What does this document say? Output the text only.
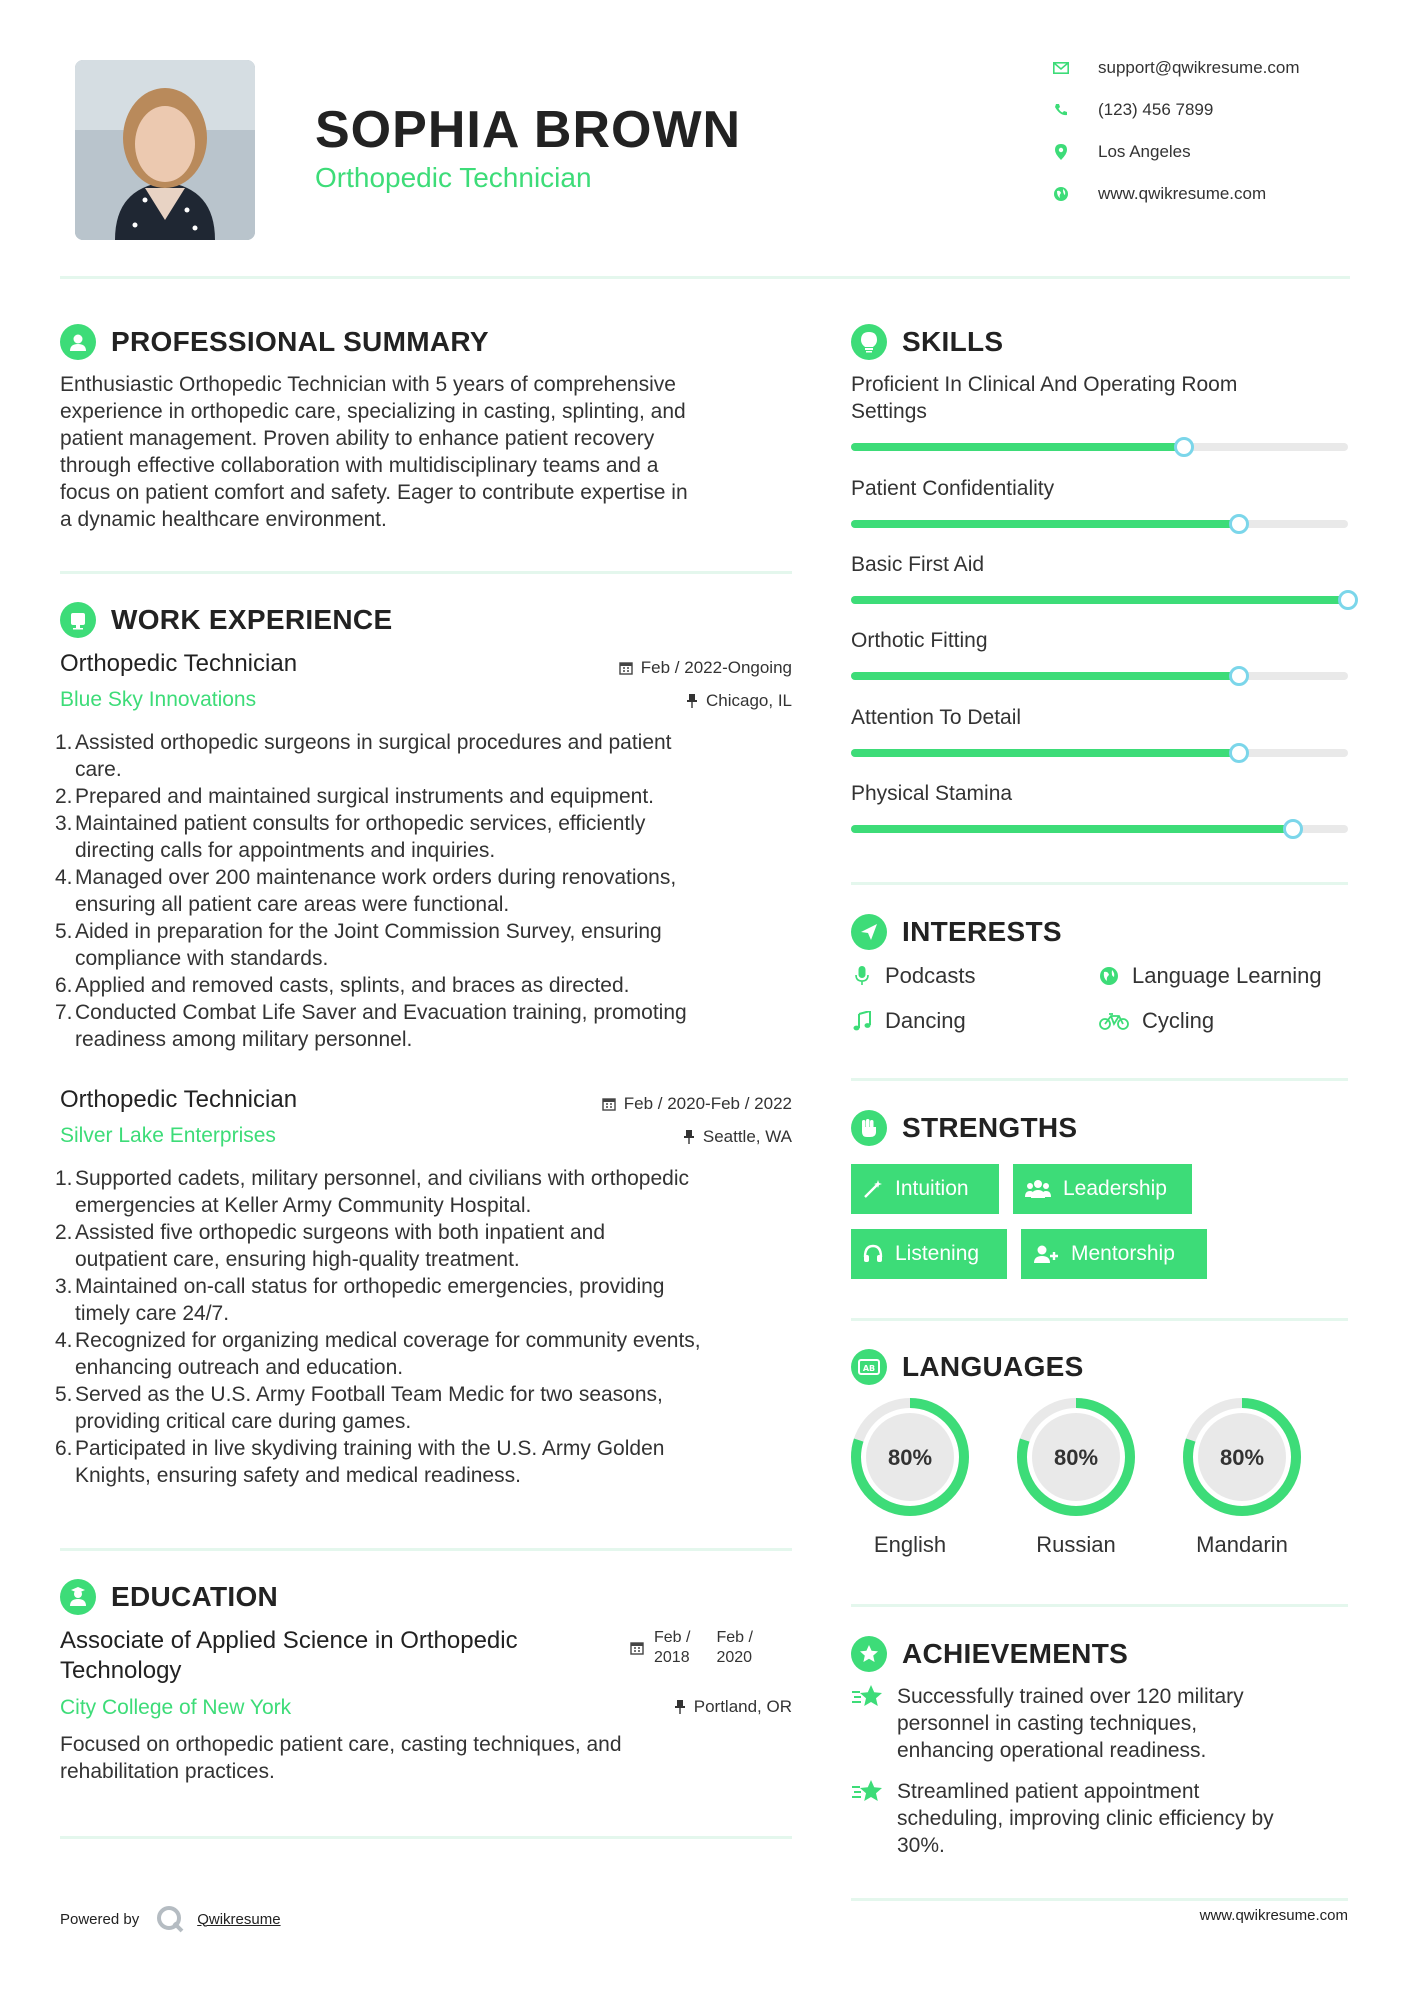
SOPHIA BROWN
Orthopedic Technician
support@qwikresume.com
(123) 456 7899
Los Angeles
www.qwikresume.com
PROFESSIONAL SUMMARY
Enthusiastic Orthopedic Technician with 5 years of comprehensive
experience in orthopedic care, specializing in casting, splinting, and
patient management. Proven ability to enhance patient recovery
through effective collaboration with multidisciplinary teams and a
focus on patient comfort and safety. Eager to contribute expertise in
a dynamic healthcare environment.
WORK EXPERIENCE
Orthopedic Technician
Blue Sky Innovations
Feb / 2022-Ongoing
Chicago, IL
1. Assisted orthopedic surgeons in surgical procedures and patient
care.
2. Prepared and maintained surgical instruments and equipment.
3. Maintained patient consults for orthopedic services, efficiently
directing calls for appointments and inquiries.
4. Managed over 200 maintenance work orders during renovations,
ensuring all patient care areas were functional.
5. Aided in preparation for the Joint Commission Survey, ensuring
compliance with standards.
6. Applied and removed casts, splints, and braces as directed.
7. Conducted Combat Life Saver and Evacuation training, promoting
readiness among military personnel.
Orthopedic Technician
Silver Lake Enterprises
Feb / 2020-Feb / 2022
Seattle, WA
1. Supported cadets, military personnel, and civilians with orthopedic
emergencies at Keller Army Community Hospital.
2. Assisted five orthopedic surgeons with both inpatient and
outpatient care, ensuring high-quality treatment.
3. Maintained on-call status for orthopedic emergencies, providing
timely care 24/7.
4. Recognized for organizing medical coverage for community events,
enhancing outreach and education.
5. Served as the U.S. Army Football Team Medic for two seasons,
providing critical care during games.
6. Participated in live skydiving training with the U.S. Army Golden
Knights, ensuring safety and medical readiness.
EDUCATION
Associate of Applied Science in Orthopedic
Technology
City College of New York
Feb /
2018
Feb /
2020
Portland, OR
Focused on orthopedic patient care, casting techniques, and
rehabilitation practices.
SKILLS
Proficient In Clinical And Operating Room
Settings
Patient Confidentiality
Basic First Aid
Orthotic Fitting
Attention To Detail
Physical Stamina
INTERESTS
Podcasts	Language Learning
Dancing	Cycling
STRENGTHS
Intuition	Leadership
Listening	Mentorship
AB LANGUAGES
80%
English
80%
Russian
80%
Mandarin
ACHIEVEMENTS
Successfully trained over 120 military
personnel in casting techniques,
enhancing operational readiness.
Streamlined patient appointment
scheduling, improving clinic efficiency by
30%.
Powered by	Qwikresume	www.qwikresume.com
